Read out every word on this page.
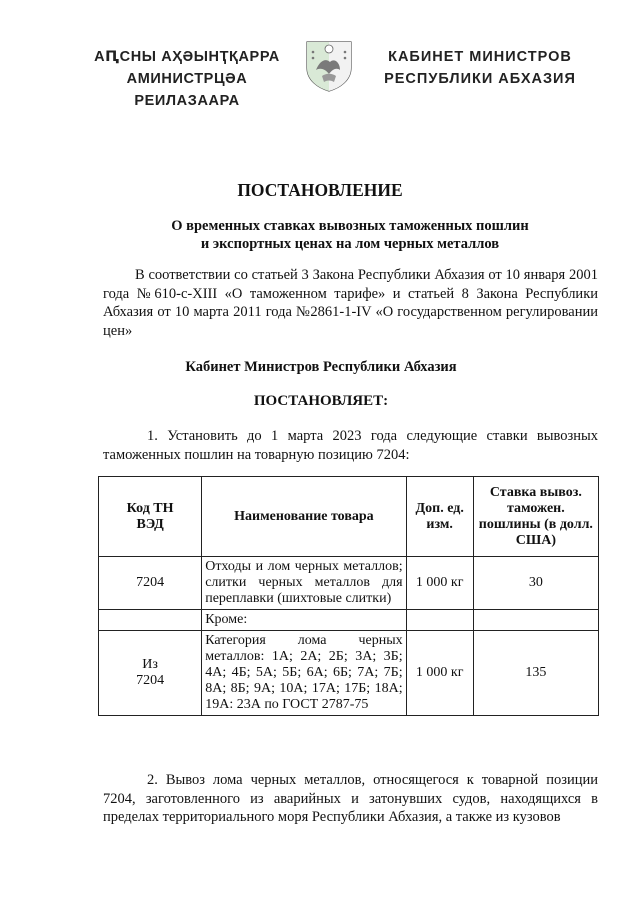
АԤСНЫ АҲӘЫНҬҚАРРА
АМИНИСТРЦӘА РЕИЛАЗААРА
КАБИНЕТ МИНИСТРОВ
РЕСПУБЛИКИ АБХАЗИЯ
ПОСТАНОВЛЕНИЕ
О временных ставках вывозных таможенных пошлин
и экспортных ценах на лом черных металлов
В соответствии со статьей 3 Закона Республики Абхазия от 10 января 2001 года №610-с-XIII «О таможенном тарифе» и статьей 8 Закона Республики Абхазия от 10 марта 2011 года №2861-1-IV «О государственном регулировании цен»
Кабинет Министров Республики Абхазия
ПОСТАНОВЛЯЕТ:
1. Установить до 1 марта 2023 года следующие ставки вывозных таможенных пошлин на товарную позицию 7204:
Код ТН ВЭД	Наименование товара	Доп. ед. изм.	Ставка вывоз. таможен. пошлины (в долл. США)
7204	Отходы и лом черных металлов; слитки черных металлов для переплавки (шихтовые слитки)	1 000 кг	30
	Кроме:		
Из 7204	Категория лома черных металлов: 1А; 2А; 2Б; 3А; 3Б; 4А; 4Б; 5А; 5Б; 6А; 6Б; 7А; 7Б; 8А; 8Б; 9А; 10А; 17А; 17Б; 18А; 19А: 23А по ГОСТ 2787-75	1 000 кг	135
2. Вывоз лома черных металлов, относящегося к товарной позиции 7204, заготовленного из аварийных и затонувших судов, находящихся в пределах территориального моря Республики Абхазия, а также из кузовов
